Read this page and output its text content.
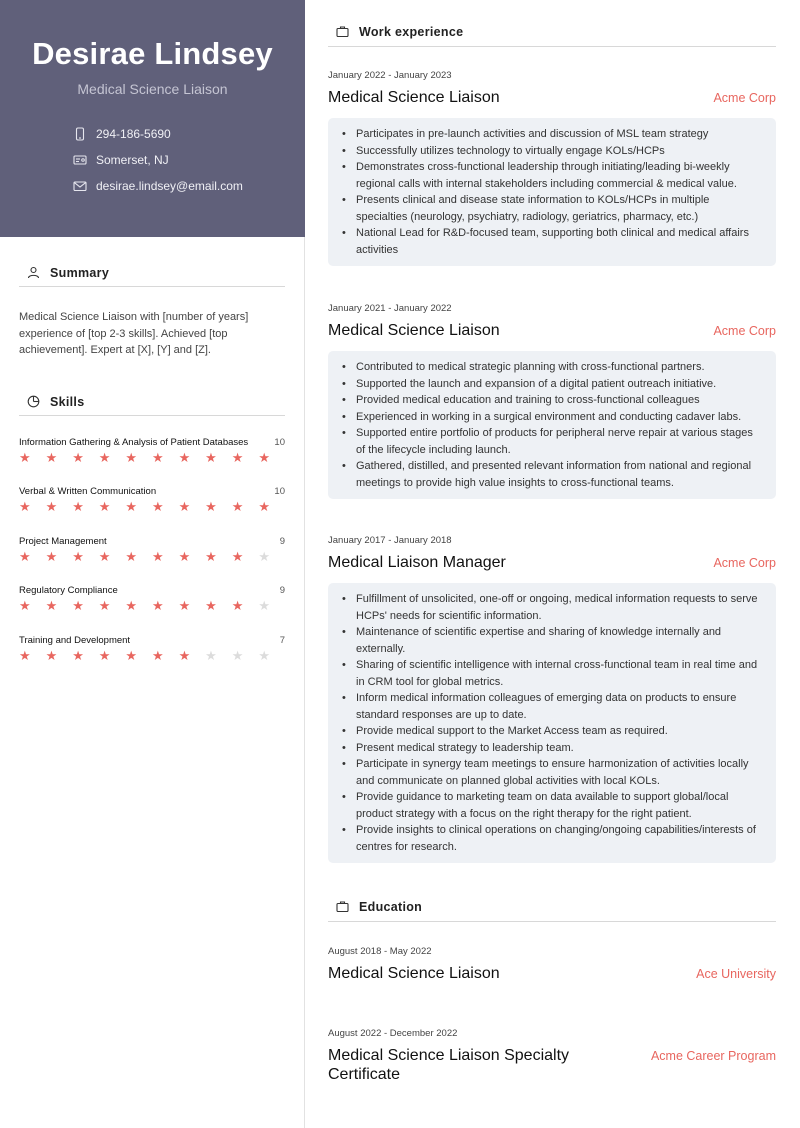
Desirae Lindsey
Medical Science Liaison
294-186-5690
Somerset, NJ
desirae.lindsey@email.com
Summary
Medical Science Liaison with [number of years] experience of [top 2-3 skills]. Achieved [top achievement]. Expert at [X], [Y] and [Z].
Skills
Information Gathering & Analysis of Patient Databases	10
★	★	★	★	★	★	★	★	★	★
Verbal & Written Communication	10
★	★	★	★	★	★	★	★	★	★
Project Management	9
★	★	★	★	★	★	★	★	★	★
Regulatory Compliance	9
★	★	★	★	★	★	★	★	★	★
Training and Development	7
★	★	★	★	★	★	★	★	★	★
Work experience
January 2022 - January 2023
Medical Science Liaison	Acme Corp
• Participates in pre-launch activities and discussion of MSL team strategy
• Successfully utilizes technology to virtually engage KOLs/HCPs
• Demonstrates cross-functional leadership through initiating/leading bi-weekly regional calls with internal stakeholders including commercial & medical value.
• Presents clinical and disease state information to KOLs/HCPs in multiple specialties (neurology, psychiatry, radiology, geriatrics, pharmacy, etc.)
• National Lead for R&D-focused team, supporting both clinical and medical affairs activities
January 2021 - January 2022
Medical Science Liaison	Acme Corp
• Contributed to medical strategic planning with cross-functional partners.
• Supported the launch and expansion of a digital patient outreach initiative.
• Provided medical education and training to cross-functional colleagues
• Experienced in working in a surgical environment and conducting cadaver labs.
• Supported entire portfolio of products for peripheral nerve repair at various stages of the lifecycle including launch.
• Gathered, distilled, and presented relevant information from national and regional meetings to provide high value insights to cross-functional teams.
January 2017 - January 2018
Medical Liaison Manager	Acme Corp
• Fulfillment of unsolicited, one-off or ongoing, medical information requests to serve HCPs' needs for scientific information.
• Maintenance of scientific expertise and sharing of knowledge internally and externally.
• Sharing of scientific intelligence with internal cross-functional team in real time and in CRM tool for global metrics.
• Inform medical information colleagues of emerging data on products to ensure standard responses are up to date.
• Provide medical support to the Market Access team as required.
• Present medical strategy to leadership team.
• Participate in synergy team meetings to ensure harmonization of activities locally and communicate on planned global activities with local KOLs.
• Provide guidance to marketing team on data available to support global/local product strategy with a focus on the right therapy for the right patient.
• Provide insights to clinical operations on changing/ongoing capabilities/interests of centres for research.
Education
August 2018 - May 2022
Medical Science Liaison	Ace University
August 2022 - December 2022
Medical Science Liaison Specialty Certificate
Acme Career Program
